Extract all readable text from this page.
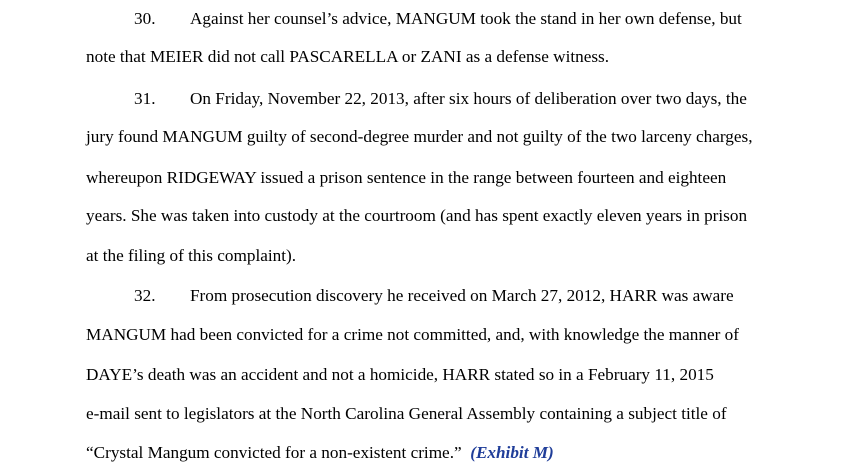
30. Against her counsel’s advice, MANGUM took the stand in her own defense, but
note that MEIER did not call PASCARELLA or ZANI as a defense witness.
31. On Friday, November 22, 2013, after six hours of deliberation over two days, the
jury found MANGUM guilty of second-degree murder and not guilty of the two larceny charges,
whereupon RIDGEWAY issued a prison sentence in the range between fourteen and eighteen
years. She was taken into custody at the courtroom (and has spent exactly eleven years in prison
at the filing of this complaint).
32. From prosecution discovery he received on March 27, 2012, HARR was aware
MANGUM had been convicted for a crime not committed, and, with knowledge the manner of
DAYE’s death was an accident and not a homicide, HARR stated so in a February 11, 2015
e-mail sent to legislators at the North Carolina General Assembly containing a subject title of
“Crystal Mangum convicted for a non-existent crime.” (Exhibit M)
